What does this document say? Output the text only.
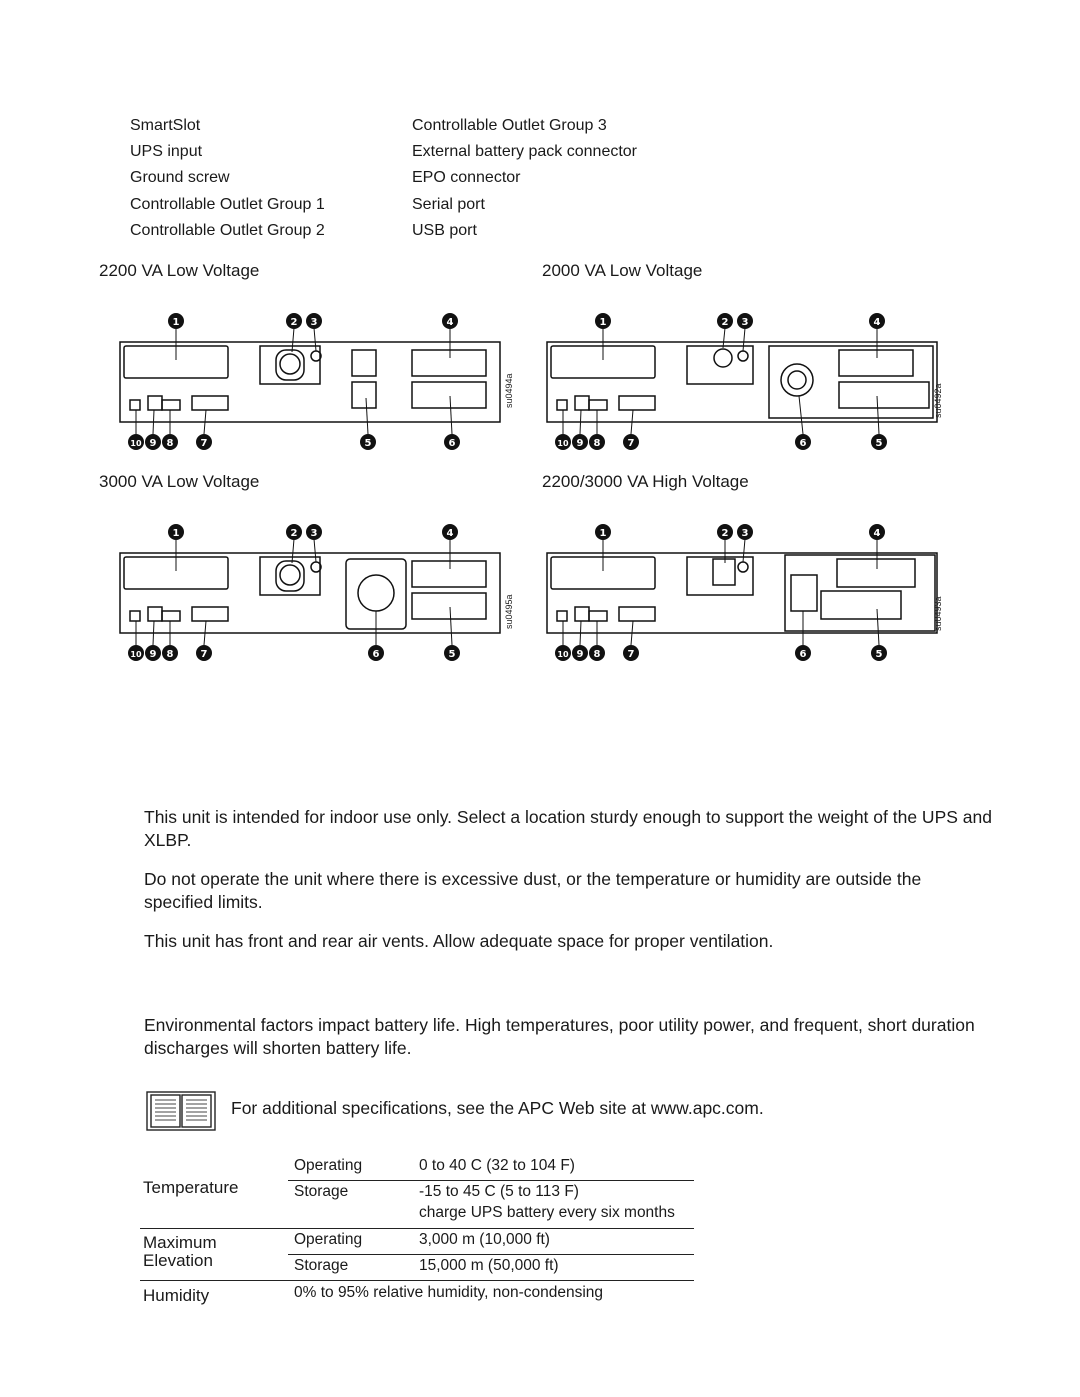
SmartSlot
UPS input
Ground screw
Controllable Outlet Group 1
Controllable Outlet Group 2
Controllable Outlet Group 3
External battery pack connector
EPO connector
Serial port
USB port
2200 VA Low Voltage	2000 VA Low Voltage
3000 VA Low Voltage	2200/3000 VA High Voltage
su0494a
1	2 3	4
10 9 8	7	5	6
su0492a
1	2 3	4
10 9 8	7	6	5
su0495a
1	2 3	4
10 9 8	7	6	5
su0493a
1	2 3	4
10 9 8	7	6	5
This unit is intended for indoor use only. Select a location sturdy enough to support the weight of the UPS and XLBP.
Do not operate the unit where there is excessive dust, or the temperature or humidity are outside the specified limits.
This unit has front and rear air vents. Allow adequate space for proper ventilation.
Environmental factors impact battery life. High temperatures, poor utility power, and frequent, short duration discharges will shorten battery life.
For additional specifications, see the APC Web site at www.apc.com.
Temperature
Operating	0 to 40 C (32 to 104 F)
Storage	-15 to 45 C (5 to 113 F)
charge UPS battery every six months
Maximum
Elevation
Operating	3,000 m (10,000 ft)
Storage	15,000 m (50,000 ft)
Humidity	0% to 95% relative humidity, non-condensing
